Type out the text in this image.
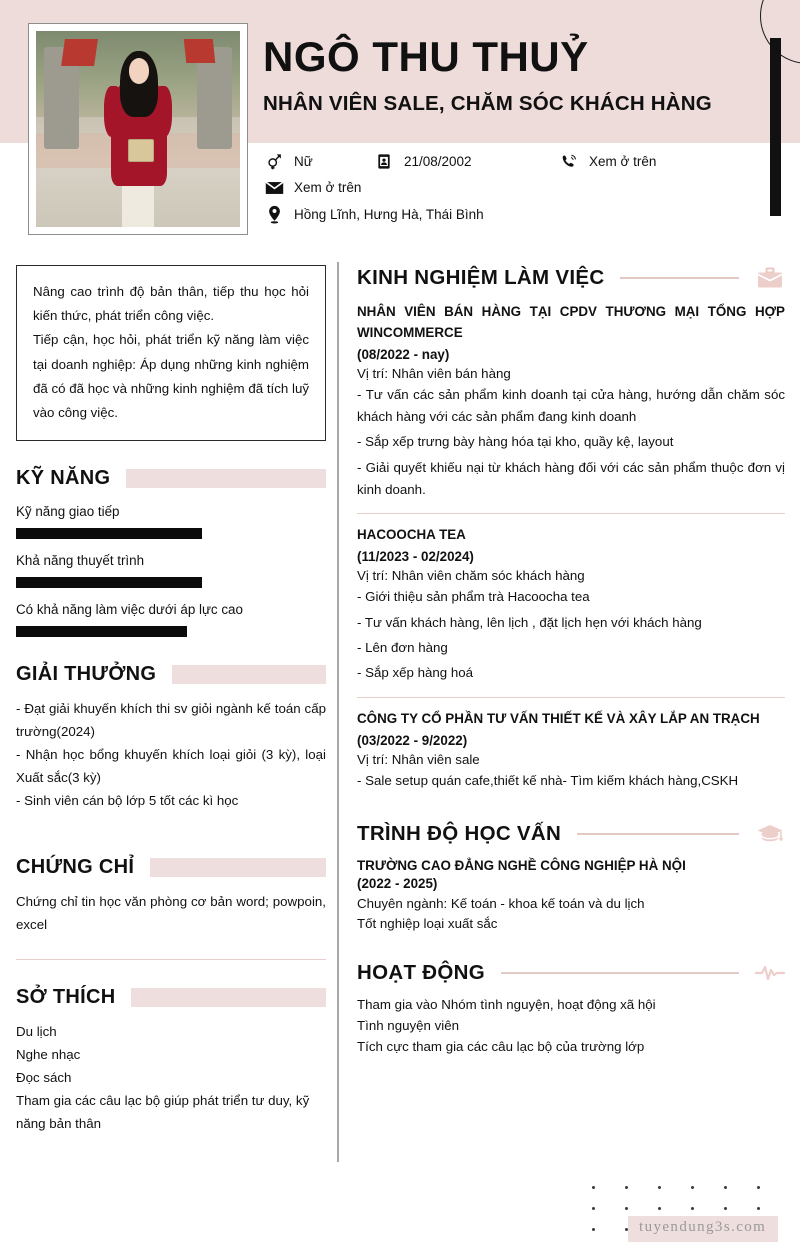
NGÔ THU THUỶ
NHÂN VIÊN SALE, CHĂM SÓC KHÁCH HÀNG
Nữ	21/08/2002	Xem ở trên
Xem ở trên
Hồng Lĩnh, Hưng Hà, Thái Bình

Nâng cao trình độ bản thân, tiếp thu học hỏi kiến thức, phát triển công việc.

Tiếp cận, học hỏi, phát triển kỹ năng làm việc tại doanh nghiệp: Áp dụng những kinh nghiệm đã có đã học và những kinh nghiệm đã tích luỹ vào công việc.

KỸ NĂNG
Kỹ năng giao tiếp
Khả năng thuyết trình
Có khả năng làm việc dưới áp lực cao
GIẢI THƯỞNG
- Đạt giải khuyến khích thi sv giỏi ngành kế toán cấp trường(2024)
- Nhận học bổng khuyến khích loại giỏi (3 kỳ), loại Xuất sắc(3 kỳ)
- Sinh viên cán bộ lớp 5 tốt các kì học
CHỨNG CHỈ
Chứng chỉ tin học văn phòng cơ bản word; powpoin, excel
SỞ THÍCH
Du lịch
Nghe nhạc
Đọc sách
Tham gia các câu lạc bộ giúp phát triển tư duy, kỹ năng bản thân
KINH NGHIỆM LÀM VIỆC
NHÂN VIÊN BÁN HÀNG TẠI CPDV THƯƠNG MẠI TỔNG HỢP WINCOMMERCE
(08/2022 - nay)
Vị trí: Nhân viên bán hàng
- Tư vấn các sản phẩm kinh doanh tại cửa hàng, hướng dẫn chăm sóc khách hàng với các sản phẩm đang kinh doanh
- Sắp xếp trưng bày hàng hóa tại kho, quầy kệ, layout
- Giải quyết khiếu nại từ khách hàng đối với các sản phẩm thuộc đơn vị kinh doanh.
HACOOCHA TEA
(11/2023 - 02/2024)
Vị trí: Nhân viên chăm sóc khách hàng
- Giới thiệu sản phẩm trà Hacoocha tea
- Tư vấn khách hàng, lên lịch , đặt lịch hẹn với khách hàng
- Lên đơn hàng
- Sắp xếp hàng hoá
CÔNG TY CỔ PHẦN TƯ VẤN THIẾT KẾ VÀ XÂY LẮP AN TRẠCH
(03/2022 - 9/2022)
Vị trí: Nhân viên sale
- Sale setup quán cafe,thiết kế nhà- Tìm kiếm khách hàng,CSKH
TRÌNH ĐỘ HỌC VẤN
TRƯỜNG CAO ĐẲNG NGHỀ CÔNG NGHIỆP HÀ NỘI
(2022 - 2025)
Chuyên ngành: Kế toán - khoa kế toán và du lịch
Tốt nghiệp loại xuất sắc
HOẠT ĐỘNG
Tham gia vào Nhóm tình nguyện, hoạt động xã hội
Tình nguyện viên
Tích cực tham gia các câu lạc bộ của trường lớp
tuyendung3s.com
